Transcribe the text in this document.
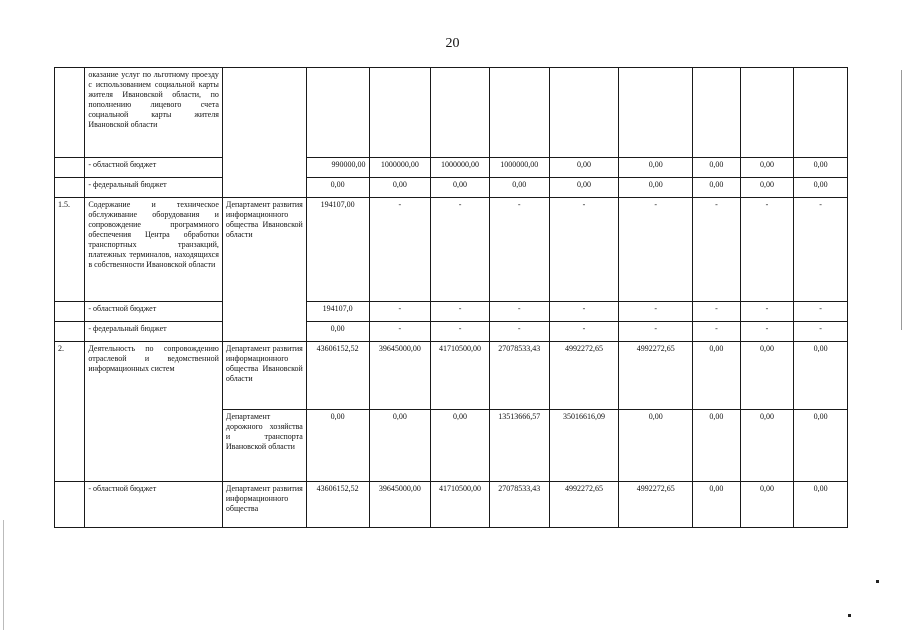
20
	оказание услуг по льготному проезду с использованием социальной карты жителя Ивановской области, по пополнению лицевого счета социальной карты жителя Ивановской области										
	- областной бюджет		990000,00	1000000,00	1000000,00	1000000,00	0,00	0,00	0,00	0,00	0,00
	- федеральный бюджет		0,00	0,00	0,00	0,00	0,00	0,00	0,00	0,00	0,00
1.5.	Содержание и техническое обслуживание оборудования и сопровождение программного обеспечения Центра обработки транспортных транзакций, платежных терминалов, находящихся в собственности Ивановской области	Департамент развития информационного общества Ивановской области	194107,00	-	-	-	-	-	-	-	-
	- областной бюджет		194107,0	-	-	-	-	-	-	-	-
	- федеральный бюджет		0,00	-	-	-	-	-	-	-	-
2.	Деятельность по сопровождению отраслевой и ведомственной информационных систем	Департамент развития информационного общества Ивановской области	43606152,52	39645000,00	41710500,00	27078533,43	4992272,65	4992272,65	0,00	0,00	0,00
		Департамент дорожного хозяйства и транспорта Ивановской области	0,00	0,00	0,00	13513666,57	35016616,09	0,00	0,00	0,00	0,00
	- областной бюджет	Департамент развития информационного общества	43606152,52	39645000,00	41710500,00	27078533,43	4992272,65	4992272,65	0,00	0,00	0,00
